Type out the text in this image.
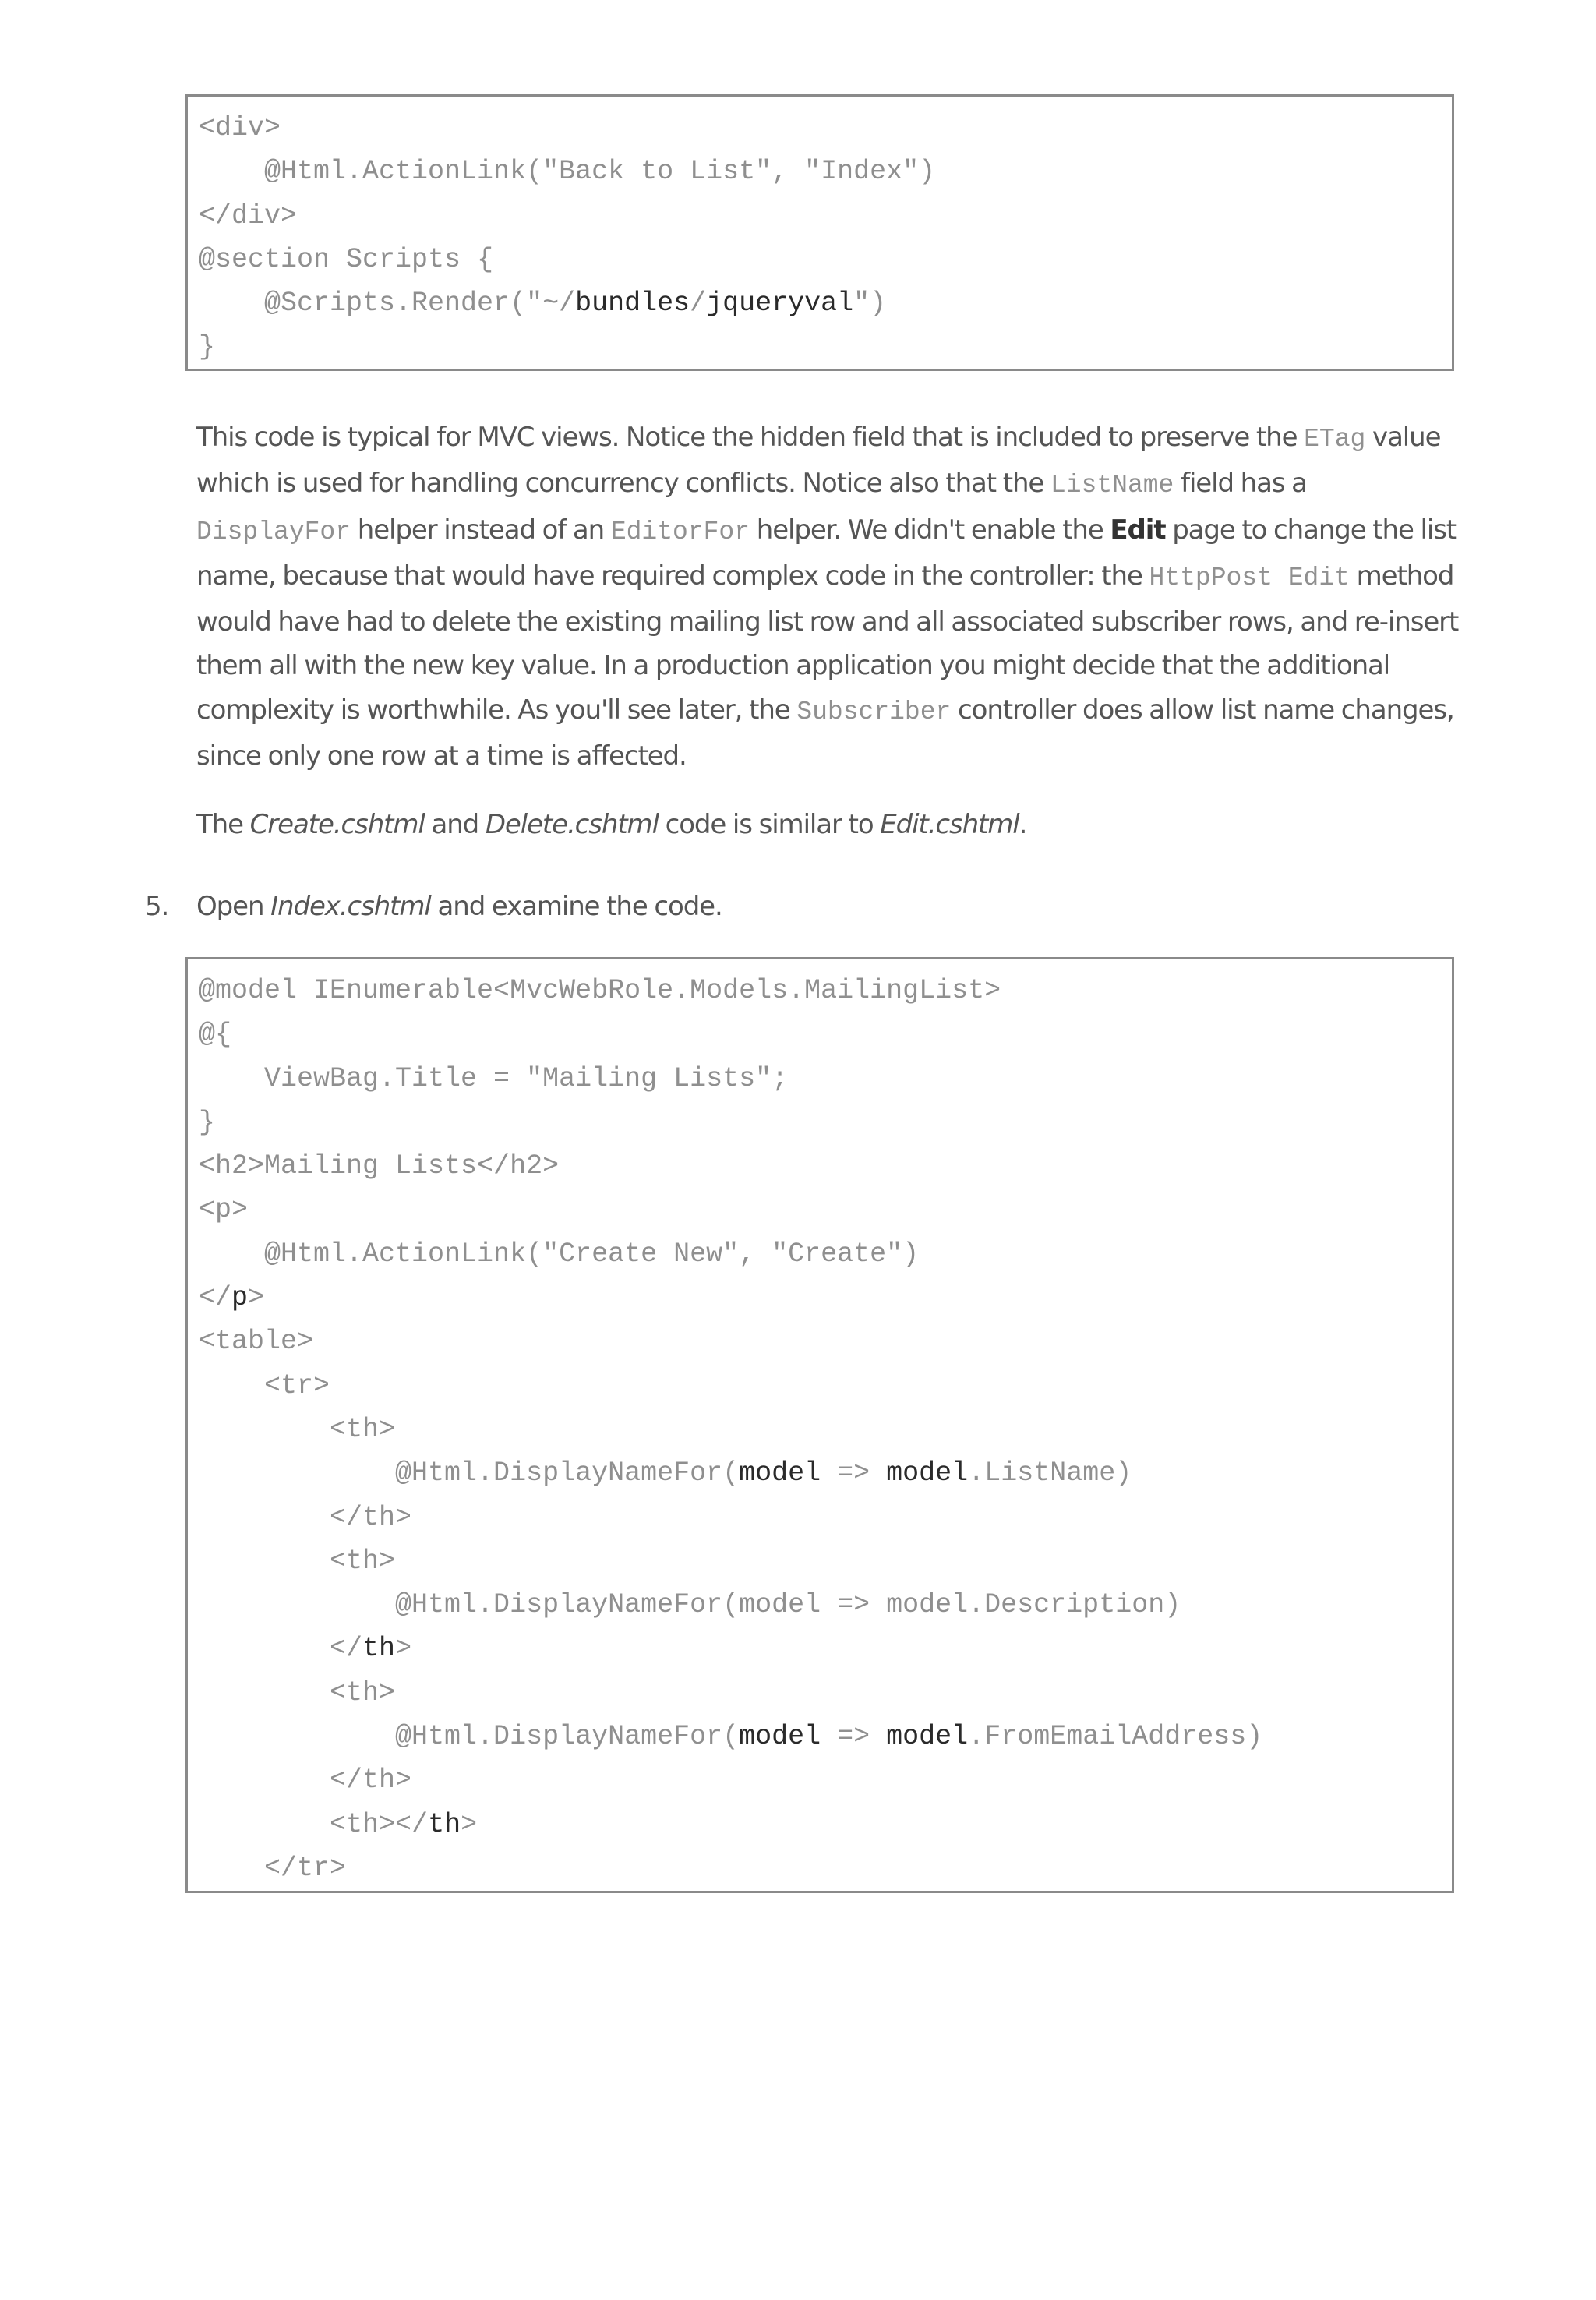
<div>
@Html.ActionLink("Back to List", "Index")
</div>
@section Scripts {
@Scripts.Render("~/bundles/jqueryval")
}
This code is typical for MVC views. Notice the hidden field that is included to preserve the ETag value which is used for handling concurrency conflicts. Notice also that the ListName field has a DisplayFor helper instead of an EditorFor helper. We didn't enable the Edit page to change the list name, because that would have required complex code in the controller: the HttpPost Edit method would have had to delete the existing mailing list row and all associated subscriber rows, and re-insert them all with the new key value. In a production application you might decide that the additional complexity is worthwhile. As you'll see later, the Subscriber controller does allow list name changes, since only one row at a time is affected.
The Create.cshtml and Delete.cshtml code is similar to Edit.cshtml.
5. Open Index.cshtml and examine the code.
@model IEnumerable<MvcWebRole.Models.MailingList>
@{
ViewBag.Title = "Mailing Lists";
}
<h2>Mailing Lists</h2>
<p>
@Html.ActionLink("Create New", "Create")
</p>
<table>
<tr>
<th>
@Html.DisplayNameFor(model => model.ListName)
</th>
<th>
@Html.DisplayNameFor(model => model.Description)
</th>
<th>
@Html.DisplayNameFor(model => model.FromEmailAddress)
</th>
<th></th>
</tr>
